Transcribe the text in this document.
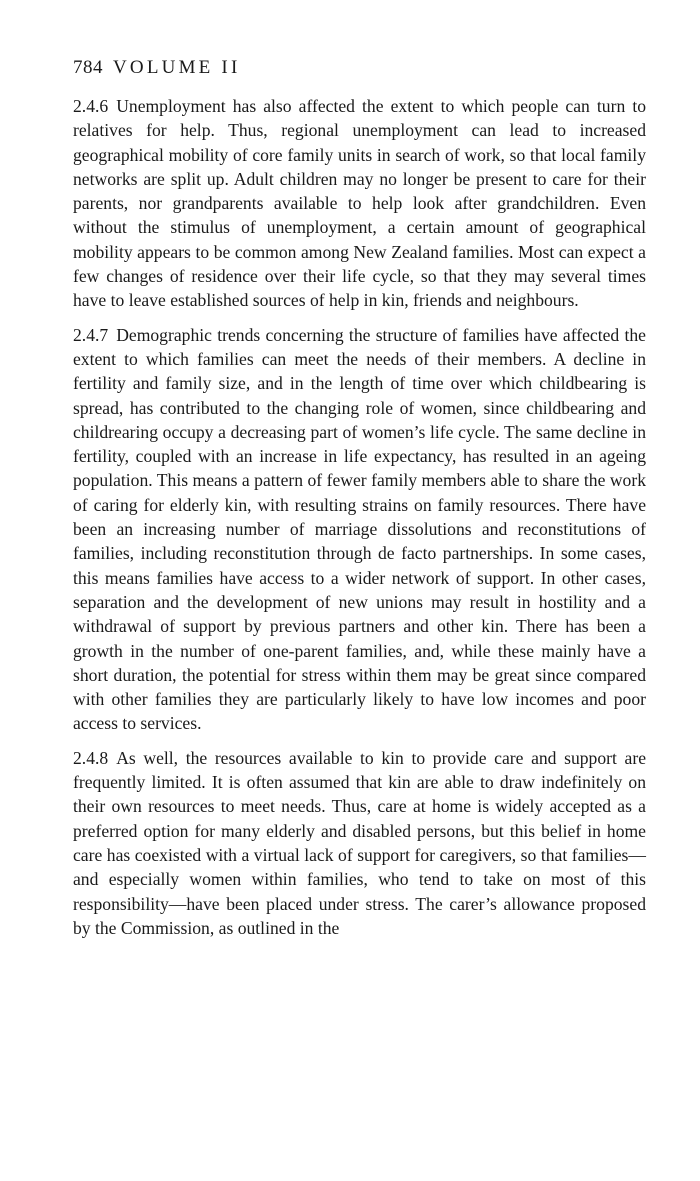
784 VOLUME II

2.4.6 Unemployment has also affected the extent to which people can turn to relatives for help. Thus, regional unemployment can lead to increased geographical mobility of core family units in search of work, so that local family networks are split up. Adult children may no longer be present to care for their parents, nor grandparents available to help look after grandchildren. Even without the stimulus of unemployment, a certain amount of geographical mobility appears to be common among New Zealand families. Most can expect a few changes of residence over their life cycle, so that they may several times have to leave established sources of help in kin, friends and neighbours.

2.4.7 Demographic trends concerning the structure of families have affected the extent to which families can meet the needs of their members. A decline in fertility and family size, and in the length of time over which childbearing is spread, has contributed to the changing role of women, since childbearing and childrearing occupy a decreasing part of women’s life cycle. The same decline in fertility, coupled with an increase in life expectancy, has resulted in an ageing population. This means a pattern of fewer family members able to share the work of caring for elderly kin, with resulting strains on family resources. There have been an increasing number of marriage dissolutions and reconstitutions of families, including reconstitution through de facto partnerships. In some cases, this means families have access to a wider network of support. In other cases, separation and the development of new unions may result in hostility and a withdrawal of support by previous partners and other kin. There has been a growth in the number of one-parent families, and, while these mainly have a short duration, the potential for stress within them may be great since compared with other families they are particularly likely to have low incomes and poor access to services.

2.4.8 As well, the resources available to kin to provide care and support are frequently limited. It is often assumed that kin are able to draw indefinitely on their own resources to meet needs. Thus, care at home is widely accepted as a preferred option for many elderly and disabled persons, but this belief in home care has coexisted with a virtual lack of support for caregivers, so that families—and especially women within families, who tend to take on most of this responsibility—have been placed under stress. The carer’s allowance proposed by the Commission, as outlined in the
